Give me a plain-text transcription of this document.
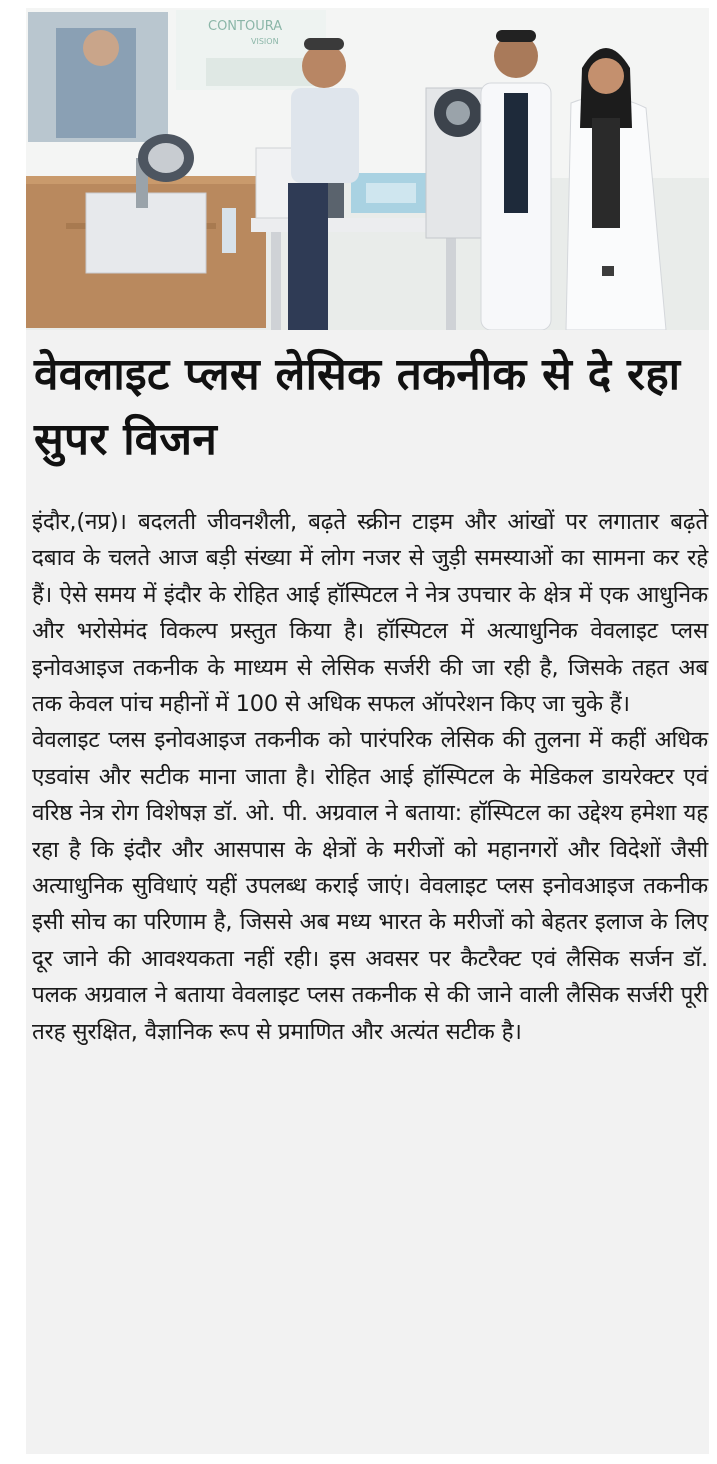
CONTOURA
VISION
वेवलाइट प्लस लेसिक तकनीक से दे रहा सुपर विजन

इंदौर,(नप्र)। बदलती जीवनशैली, बढ़ते स्क्रीन टाइम और आंखों पर लगातार बढ़ते दबाव के चलते आज बड़ी संख्या में लोग नजर से जुड़ी समस्याओं का सामना कर रहे हैं। ऐसे समय में इंदौर के रोहित आई हॉस्पिटल ने नेत्र उपचार के क्षेत्र में एक आधुनिक और भरोसेमंद विकल्प प्रस्तुत किया है। हॉस्पिटल में अत्याधुनिक वेवलाइट प्लस इनोवआइज तकनीक के माध्यम से लेसिक सर्जरी की जा रही है, जिसके तहत अब तक केवल पांच महीनों में 100 से अधिक सफल ऑपरेशन किए जा चुके हैं।

वेवलाइट प्लस इनोवआइज तकनीक को पारंपरिक लेसिक की तुलना में कहीं अधिक एडवांस और सटीक माना जाता है। रोहित आई हॉस्पिटल के मेडिकल डायरेक्टर एवं वरिष्ठ नेत्र रोग विशेषज्ञ डॉ. ओ. पी. अग्रवाल ने बताया: हॉस्पिटल का उद्देश्य हमेशा यह रहा है कि इंदौर और आसपास के क्षेत्रों के मरीजों को महानगरों और विदेशों जैसी अत्याधुनिक सुविधाएं यहीं उपलब्ध कराई जाएं। वेवलाइट प्लस इनोवआइज तकनीक इसी सोच का परिणाम है, जिससे अब मध्य भारत के मरीजों को बेहतर इलाज के लिए दूर जाने की आवश्यकता नहीं रही। इस अवसर पर कैटरैक्ट एवं लैसिक सर्जन डॉ. पलक अग्रवाल ने बताया वेवलाइट प्लस तकनीक से की जाने वाली लैसिक सर्जरी पूरी तरह सुरक्षित, वैज्ञानिक रूप से प्रमाणित और अत्यंत सटीक है।
